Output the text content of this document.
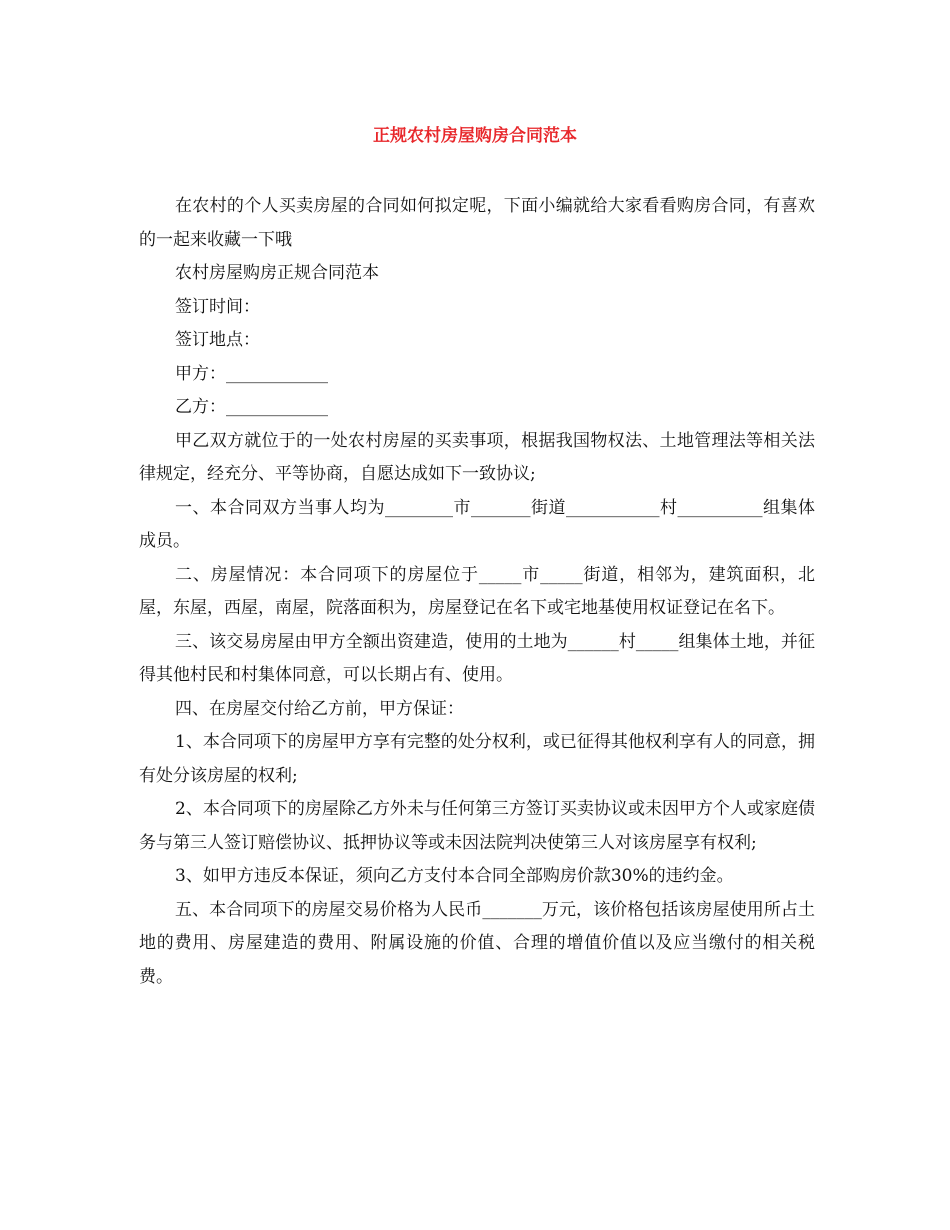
正规农村房屋购房合同范本

在农村的个人买卖房屋的合同如何拟定呢，下面小编就给大家看看购房合同，有喜欢的一起来收藏一下哦

农村房屋购房正规合同范本

签订时间：

签订地点：

甲方：____________

乙方：____________

甲乙双方就位于的一处农村房屋的买卖事项，根据我国物权法、土地管理法等相关法律规定，经充分、平等协商，自愿达成如下一致协议;

一、本合同双方当事人均为________市_______街道___________村__________组集体成员。

二、房屋情况：本合同项下的房屋位于_____市_____街道，相邻为，建筑面积，北屋，东屋，西屋，南屋，院落面积为，房屋登记在名下或宅地基使用权证登记在名下。

三、该交易房屋由甲方全额出资建造，使用的土地为______村_____组集体土地，并征得其他村民和村集体同意，可以长期占有、使用。

四、在房屋交付给乙方前，甲方保证：

1、本合同项下的房屋甲方享有完整的处分权利，或已征得其他权利享有人的同意，拥有处分该房屋的权利;

2、本合同项下的房屋除乙方外未与任何第三方签订买卖协议或未因甲方个人或家庭债务与第三人签订赔偿协议、抵押协议等或未因法院判决使第三人对该房屋享有权利;

3、如甲方违反本保证，须向乙方支付本合同全部购房价款30%的违约金。

五、本合同项下的房屋交易价格为人民币_______万元，该价格包括该房屋使用所占土地的费用、房屋建造的费用、附属设施的价值、合理的增值价值以及应当缴付的相关税费。
